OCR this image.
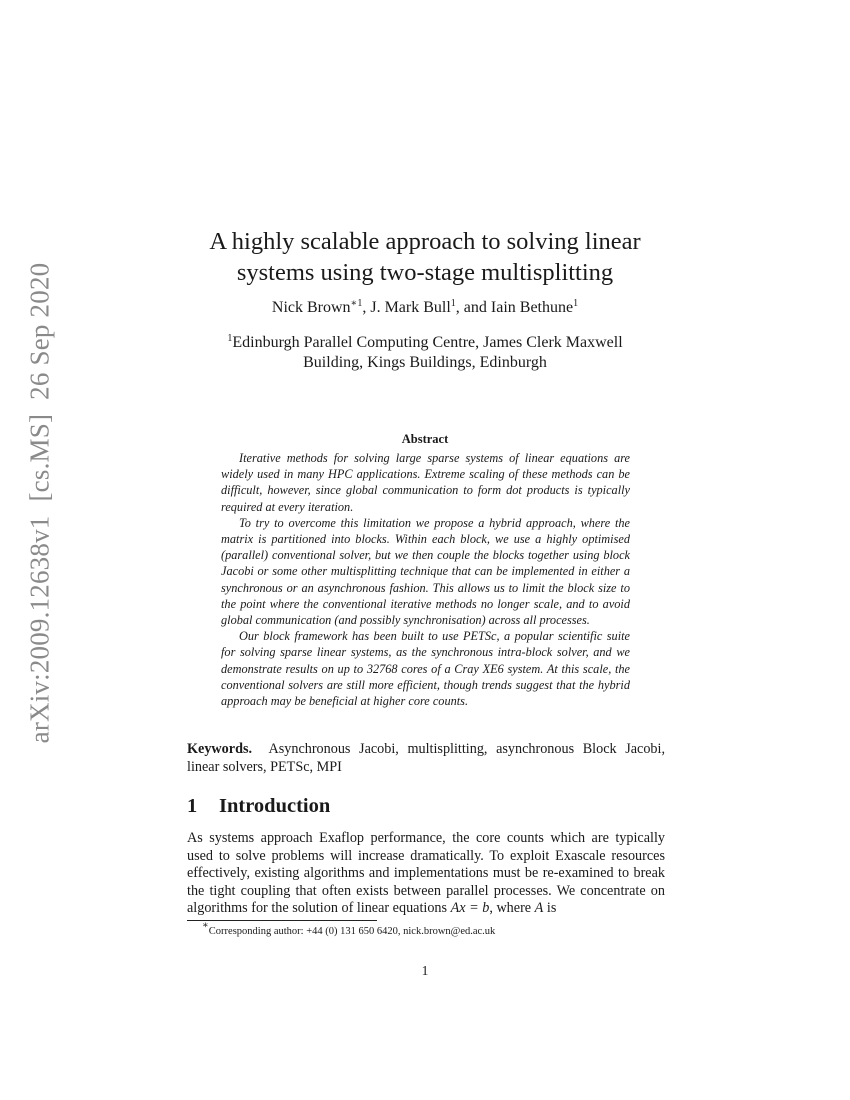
arXiv:2009.12638v1[cs.MS]26 Sep 2020
A highly scalable approach to solving linear
systems using two-stage multisplitting
Nick Brown$^{∗1}$, J. Mark Bull$^1$, and Iain Bethune$^1$
$^1$Edinburgh Parallel Computing Centre, James Clerk Maxwell
Building, Kings Buildings, Edinburgh
Abstract

Iterative methods for solving large sparse systems of linear equations are widely used in many HPC applications. Extreme scaling of these methods can be difficult, however, since global communication to form dot products is typically required at every iteration.

To try to overcome this limitation we propose a hybrid approach, where the matrix is partitioned into blocks. Within each block, we use a highly optimised (parallel) conventional solver, but we then couple the blocks together using block Jacobi or some other multisplitting technique that can be implemented in either a synchronous or an asynchronous fashion. This allows us to limit the block size to the point where the conventional iterative methods no longer scale, and to avoid global communication (and possibly synchronisation) across all processes.

Our block framework has been built to use PETSc, a popular scientific suite for solving sparse linear systems, as the synchronous intra-block solver, and we demonstrate results on up to 32768 cores of a Cray XE6 system. At this scale, the conventional solvers are still more efficient, though trends suggest that the hybrid approach may be beneficial at higher core counts.

Keywords. Asynchronous Jacobi, multisplitting, asynchronous Block Jacobi, linear solvers, PETSc, MPI
1 Introduction

As systems approach Exaflop performance, the core counts which are typically used to solve problems will increase dramatically. To exploit Exascale resources effectively, existing algorithms and implementations must be re-examined to break the tight coupling that often exists between parallel processes. We concentrate on algorithms for the solution of linear equations Ax = b, where A is

∗Corresponding author: +44 (0) 131 650 6420, nick.brown@ed.ac.uk
1
